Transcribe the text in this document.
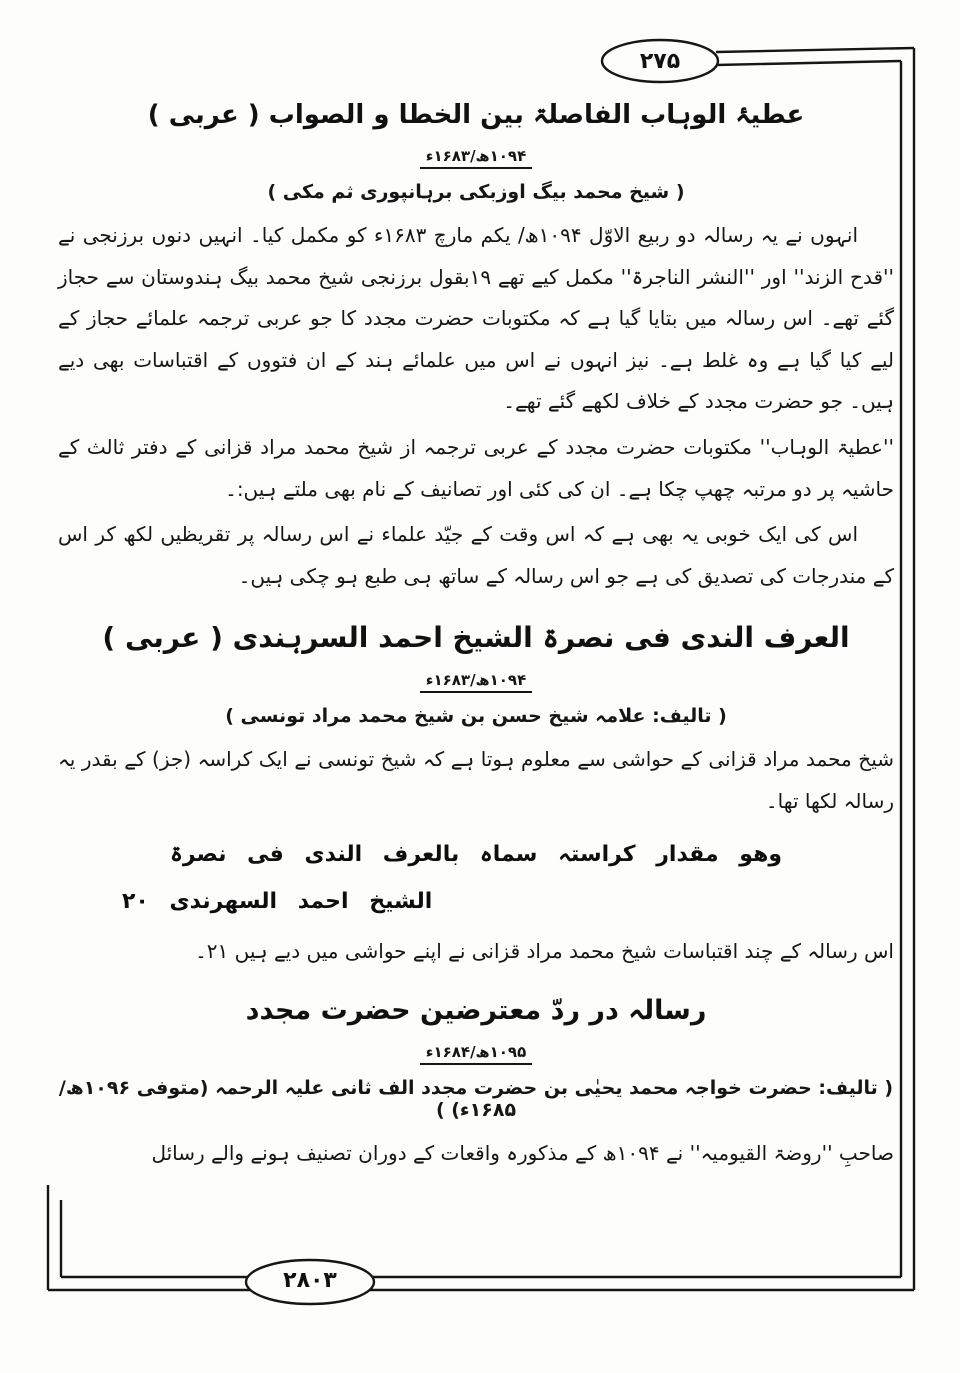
۲۷۵
۲۸۰۳
عطیۂ الوہاب الفاصلۃ بین الخطا و الصواب ( عربی )
۱۰۹۴ھ/۱۶۸۳ء
( شیخ محمد بیگ اوزبکی برہانپوری ثم مکی )

انہوں نے یہ رسالہ دو ربیع الاوّل ۱۰۹۴ھ/ یکم مارچ ۱۶۸۳ء کو مکمل کیا۔ انہیں دنوں برزنجی نے ''قدح الزند'' اور ''النشر الناجرۃ'' مکمل کیے تھے ۱۹بقول برزنجی شیخ محمد بیگ ہندوستان سے حجاز گئے تھے۔ اس رسالہ میں بتایا گیا ہے کہ مکتوبات حضرت مجدد کا جو عربی ترجمہ علمائے حجاز کے لیے کیا گیا ہے وہ غلط ہے۔ نیز انہوں نے اس میں علمائے ہند کے ان فتووں کے اقتباسات بھی دیے ہیں۔ جو حضرت مجدد کے خلاف لکھے گئے تھے۔

''عطیۃ الوہاب'' مکتوبات حضرت مجدد کے عربی ترجمہ از شیخ محمد مراد قزانی کے دفتر ثالث کے حاشیہ پر دو مرتبہ چھپ چکا ہے۔ ان کی کئی اور تصانیف کے نام بھی ملتے ہیں:۔

اس کی ایک خوبی یہ بھی ہے کہ اس وقت کے جیّد علماء نے اس رسالہ پر تقریظیں لکھ کر اس کے مندرجات کی تصدیق کی ہے جو اس رسالہ کے ساتھ ہی طبع ہو چکی ہیں۔

العرف الندی فی نصرۃ الشیخ احمد السرہندی ( عربی )
۱۰۹۴ھ/۱۶۸۳ء
( تالیف: علامہ شیخ حسن بن شیخ محمد مراد تونسی )

شیخ محمد مراد قزانی کے حواشی سے معلوم ہوتا ہے کہ شیخ تونسی نے ایک کراسہ (جز) کے بقدر یہ رسالہ لکھا تھا۔

وھو مقدار کراستہ سماہ بالعرف الندی فی نصرۃ
الشیخ احمد السھرندی ۲۰

اس رسالہ کے چند اقتباسات شیخ محمد مراد قزانی نے اپنے حواشی میں دیے ہیں ۲۱۔

رسالہ در ردّ معترضین حضرت مجدد
۱۰۹۵ھ/۱۶۸۴ء
( تالیف: حضرت خواجہ محمد یحیٰی بن حضرت مجدد الف ثانی علیہ الرحمہ (متوفی ۱۰۹۶ھ/۱۶۸۵ء) )

صاحبِ ''روضۃ القیومیہ'' نے ۱۰۹۴ھ کے مذکورہ واقعات کے دوران تصنیف ہونے والے رسائل
